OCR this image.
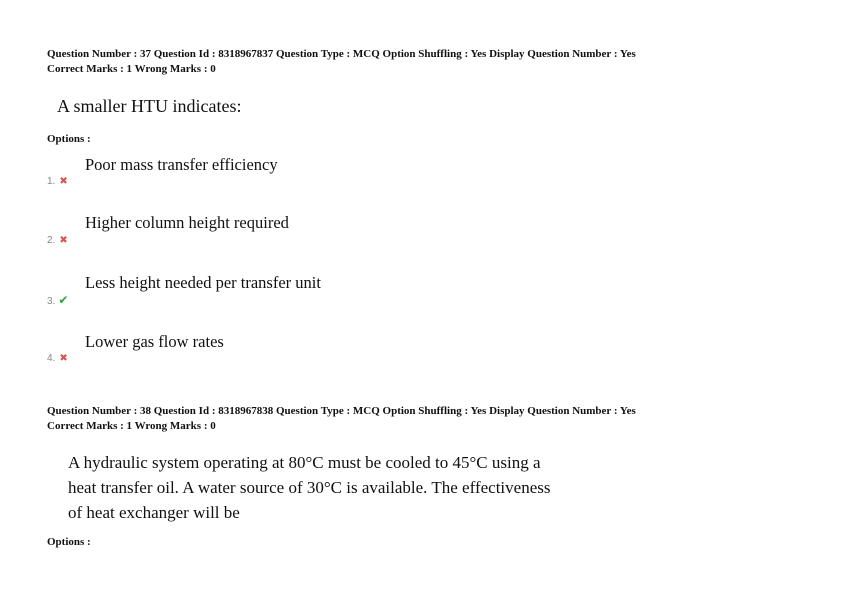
Question Number : 37 Question Id : 8318967837 Question Type : MCQ Option Shuffling : Yes Display Question Number : Yes
Correct Marks : 1 Wrong Marks : 0
A smaller HTU indicates:
Options :
Poor mass transfer efficiency
1. ✖
Higher column height required
2. ✖
Less height needed per transfer unit
3. ✔
Lower gas flow rates
4. ✖
Question Number : 38 Question Id : 8318967838 Question Type : MCQ Option Shuffling : Yes Display Question Number : Yes
Correct Marks : 1 Wrong Marks : 0
A hydraulic system operating at 80°C must be cooled to 45°C using a
heat transfer oil. A water source of 30°C is available. The effectiveness
of heat exchanger will be
Options :
